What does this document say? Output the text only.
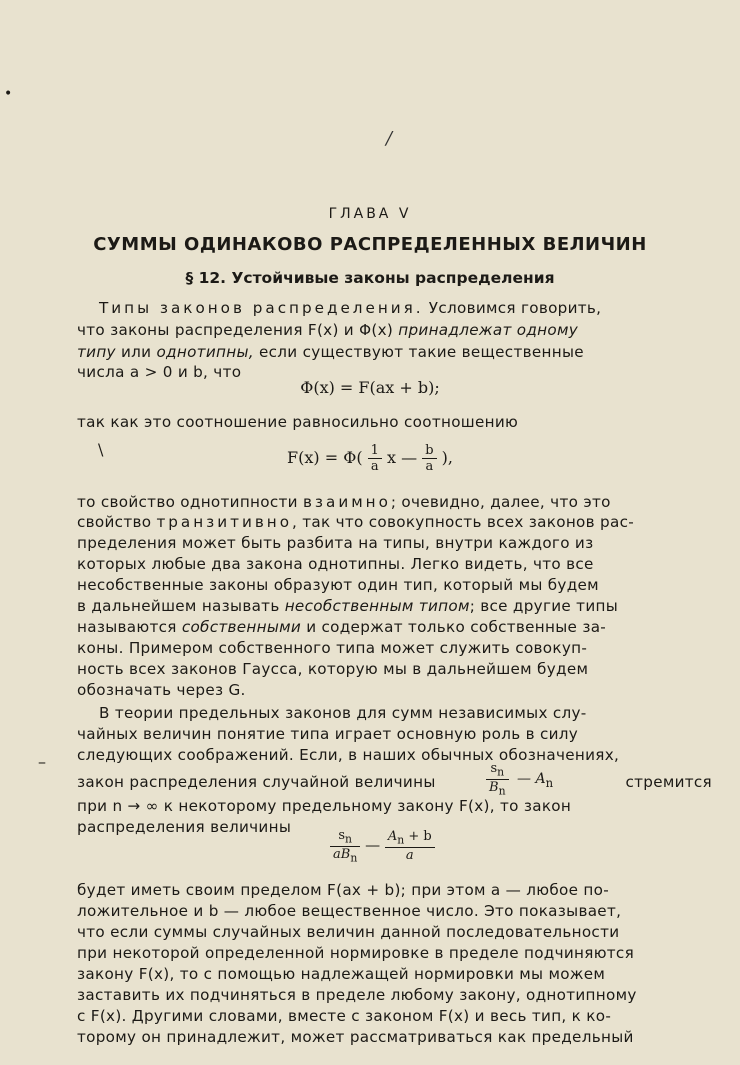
/
•
\
–
ГЛАВА V
СУММЫ ОДИНАКОВО РАСПРЕДЕЛЕННЫХ ВЕЛИЧИН
§ 12. Устойчивые законы распределения
Типы законов распределения. Условимся говорить,
что законы распределения F(x) и Φ(x) принадлежат одному
типу или однотипны, если существуют такие вещественные
числа a > 0 и b, что
Φ(x) = F(ax + b);
так как это соотношение равносильно соотношению
$F(x) = \Phi( \frac{1}{a}$ x — $\frac{b}{a}$ ),
то свойство однотипности взаимно; очевидно, далее, что это
свойство транзитивно, так что совокупность всех законов рас-
пределения может быть разбита на типы, внутри каждого из
которых любые два закона однотипны. Легко видеть, что все
несобственные законы образуют один тип, который мы будем
в дальнейшем называть несобственным типом; все другие типы
называются собственными и содержат только собственные за-
коны. Примером собственного типа может служить совокуп-
ность всех законов Гаусса, которую мы в дальнейшем будем
обозначать через G.
В теории предельных законов для сумм независимых слу-
чайных величин понятие типа играет основную роль в силу
следующих соображений. Если, в наших обычных обозначениях,
закон распределения случайной величины	$\frac{s_n}{B_n}$ — $A_n$	стремится
при n → ∞ к некоторому предельному закону F(x), то закон
распределения величины
$\frac{s_n}{aB_n}$ — $\frac{A_n + b}{a}$
будет иметь своим пределом F(ax + b); при этом a — любое по-
ложительное и b — любое вещественное число. Это показывает,
что если суммы случайных величин данной последовательности
при некоторой определенной нормировке в пределе подчиняются
закону F(x), то с помощью надлежащей нормировки мы можем
заставить их подчиняться в пределе любому закону, однотипному
с F(x). Другими словами, вместе с законом F(x) и весь тип, к ко-
торому он принадлежит, может рассматриваться как предельный
